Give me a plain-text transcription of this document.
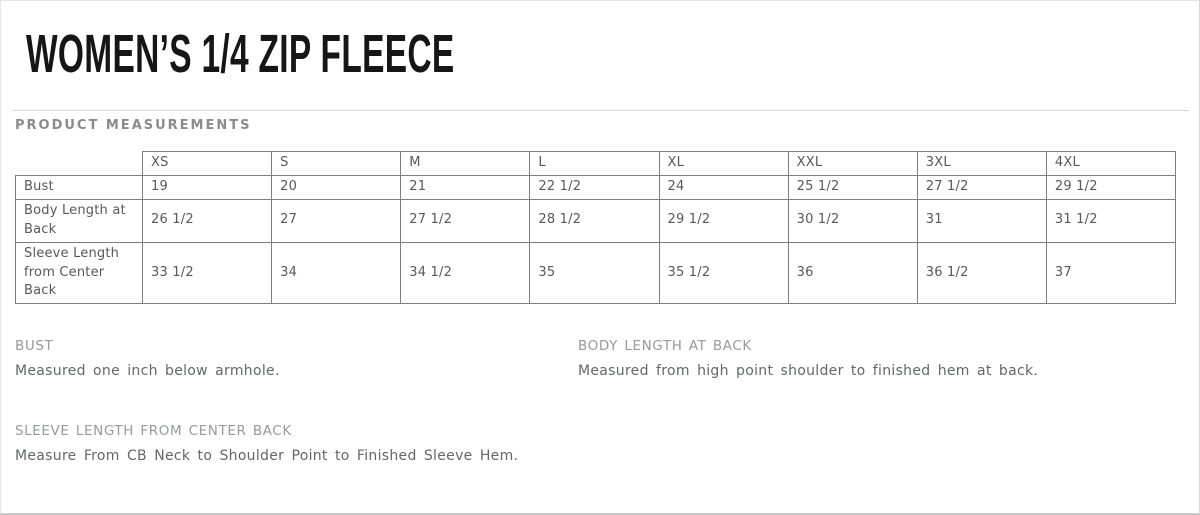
WOMEN’S 1/4 ZIP FLEECE
PRODUCT MEASUREMENTS
	XS	S	M	L	XL	XXL	3XL	4XL
Bust	19	20	21	22 1/2	24	25 1/2	27 1/2	29 1/2
Body Length at Back	26 1/2	27	27 1/2	28 1/2	29 1/2	30 1/2	31	31 1/2
Sleeve Length from Center Back	33 1/2	34	34 1/2	35	35 1/2	36	36 1/2	37
BUST
Measured one inch below armhole.
BODY LENGTH AT BACK
Measured from high point shoulder to finished hem at back.
SLEEVE LENGTH FROM CENTER BACK
Measure From CB Neck to Shoulder Point to Finished Sleeve Hem.
